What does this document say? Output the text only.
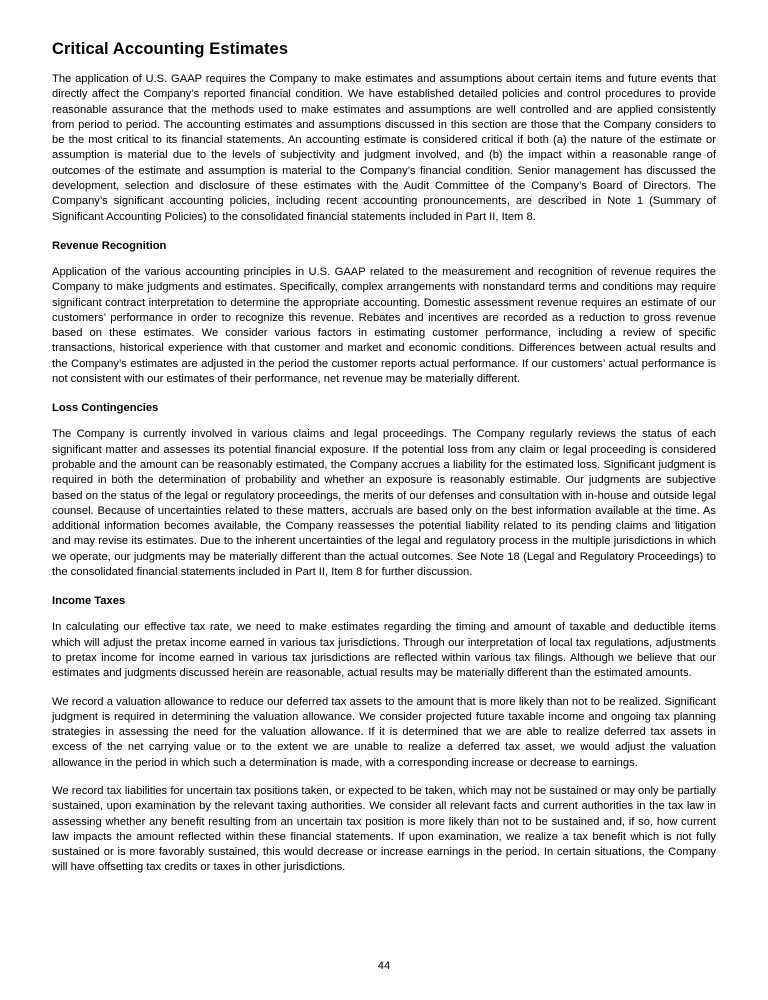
Critical Accounting Estimates

The application of U.S. GAAP requires the Company to make estimates and assumptions about certain items and future events that directly affect the Company’s reported financial condition. We have established detailed policies and control procedures to provide reasonable assurance that the methods used to make estimates and assumptions are well controlled and are applied consistently from period to period. The accounting estimates and assumptions discussed in this section are those that the Company considers to be the most critical to its financial statements. An accounting estimate is considered critical if both (a) the nature of the estimate or assumption is material due to the levels of subjectivity and judgment involved, and (b) the impact within a reasonable range of outcomes of the estimate and assumption is material to the Company’s financial condition. Senior management has discussed the development, selection and disclosure of these estimates with the Audit Committee of the Company’s Board of Directors. The Company’s significant accounting policies, including recent accounting pronouncements, are described in Note 1 (Summary of Significant Accounting Policies) to the consolidated financial statements included in Part II, Item 8.

Revenue Recognition

Application of the various accounting principles in U.S. GAAP related to the measurement and recognition of revenue requires the Company to make judgments and estimates. Specifically, complex arrangements with nonstandard terms and conditions may require significant contract interpretation to determine the appropriate accounting. Domestic assessment revenue requires an estimate of our customers’ performance in order to recognize this revenue. Rebates and incentives are recorded as a reduction to gross revenue based on these estimates. We consider various factors in estimating customer performance, including a review of specific transactions, historical experience with that customer and market and economic conditions. Differences between actual results and the Company’s estimates are adjusted in the period the customer reports actual performance. If our customers’ actual performance is not consistent with our estimates of their performance, net revenue may be materially different.

Loss Contingencies

The Company is currently involved in various claims and legal proceedings. The Company regularly reviews the status of each significant matter and assesses its potential financial exposure. If the potential loss from any claim or legal proceeding is considered probable and the amount can be reasonably estimated, the Company accrues a liability for the estimated loss. Significant judgment is required in both the determination of probability and whether an exposure is reasonably estimable. Our judgments are subjective based on the status of the legal or regulatory proceedings, the merits of our defenses and consultation with in-house and outside legal counsel. Because of uncertainties related to these matters, accruals are based only on the best information available at the time. As additional information becomes available, the Company reassesses the potential liability related to its pending claims and litigation and may revise its estimates. Due to the inherent uncertainties of the legal and regulatory process in the multiple jurisdictions in which we operate, our judgments may be materially different than the actual outcomes. See Note 18 (Legal and Regulatory Proceedings) to the consolidated financial statements included in Part II, Item 8 for further discussion.

Income Taxes

In calculating our effective tax rate, we need to make estimates regarding the timing and amount of taxable and deductible items which will adjust the pretax income earned in various tax jurisdictions. Through our interpretation of local tax regulations, adjustments to pretax income for income earned in various tax jurisdictions are reflected within various tax filings. Although we believe that our estimates and judgments discussed herein are reasonable, actual results may be materially different than the estimated amounts.

We record a valuation allowance to reduce our deferred tax assets to the amount that is more likely than not to be realized. Significant judgment is required in determining the valuation allowance. We consider projected future taxable income and ongoing tax planning strategies in assessing the need for the valuation allowance. If it is determined that we are able to realize deferred tax assets in excess of the net carrying value or to the extent we are unable to realize a deferred tax asset, we would adjust the valuation allowance in the period in which such a determination is made, with a corresponding increase or decrease to earnings.

We record tax liabilities for uncertain tax positions taken, or expected to be taken, which may not be sustained or may only be partially sustained, upon examination by the relevant taxing authorities. We consider all relevant facts and current authorities in the tax law in assessing whether any benefit resulting from an uncertain tax position is more likely than not to be sustained and, if so, how current law impacts the amount reflected within these financial statements. If upon examination, we realize a tax benefit which is not fully sustained or is more favorably sustained, this would decrease or increase earnings in the period. In certain situations, the Company will have offsetting tax credits or taxes in other jurisdictions.

44
